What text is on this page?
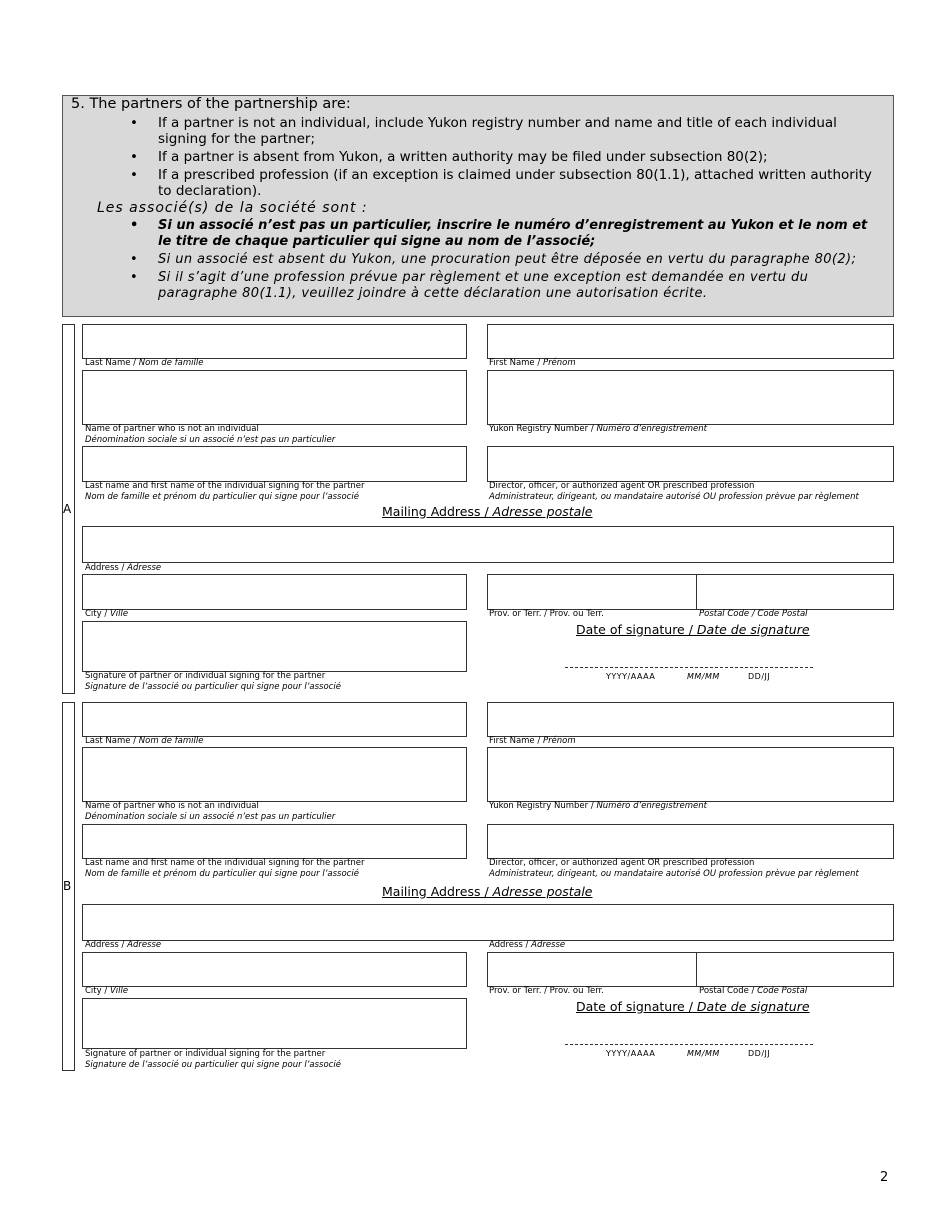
5. The partners of the partnership are:
• If a partner is not an individual, include Yukon registry number and name and title of each individual signing for the partner;
• If a partner is absent from Yukon, a written authority may be filed under subsection 80(2);
• If a prescribed profession (if an exception is claimed under subsection 80(1.1), attached written authority to declaration).
Les associé(s) de la société sont :
• Si un associé n’est pas un particulier, inscrire le numéro d’enregistrement au Yukon et le nom et le titre de chaque particulier qui signe au nom de l’associé;
• Si un associé est absent du Yukon, une procuration peut être déposée en vertu du paragraphe 80(2);
• Si il s’agit d’une profession prévue par règlement et une exception est demandée en vertu du paragraphe 80(1.1), veuillez joindre à cette déclaration une autorisation écrite.
A
Last Name / Nom de famille	First Name / Prénom
Name of partner who is not an individual
Dénomination sociale si un associé n’est pas un particulier
Yukon Registry Number / Numéro d’enregistrement
Last name and first name of the individual signing for the partner
Nom de famille et prénom du particulier qui signe pour l’associé
Director, officer, or authorized agent OR prescribed profession
Administrateur, dirigeant, ou mandataire autorisé OU profession prèvue par règlement
Mailing Address / Adresse postale
Address / Adresse
City / Ville	Prov. or Terr. / Prov. ou Terr.	Postal Code / Code Postal
Signature of partner or individual signing for the partner
Signature de l’associé ou particulier qui signe pour l’associé
Date of signature / Date de signature
YYYY/AAAA	MM/MM	DD/JJ
B
Last Name / Nom de famille	First Name / Prénom
Name of partner who is not an individual
Dénomination sociale si un associé n’est pas un particulier
Yukon Registry Number / Numéro d’enregistrement
Last name and first name of the individual signing for the partner
Nom de famille et prénom du particulier qui signe pour l’associé
Director, officer, or authorized agent OR prescribed profession
Administrateur, dirigeant, ou mandataire autorisé OU profession prèvue par règlement
Mailing Address / Adresse postale
Address / Adresse	Address / Adresse
City / Ville	Prov. or Terr. / Prov. ou Terr.	Postal Code / Code Postal
Signature of partner or individual signing for the partner
Signature de l’associé ou particulier qui signe pour l’associé
Date of signature / Date de signature
YYYY/AAAA	MM/MM	DD/JJ
2
